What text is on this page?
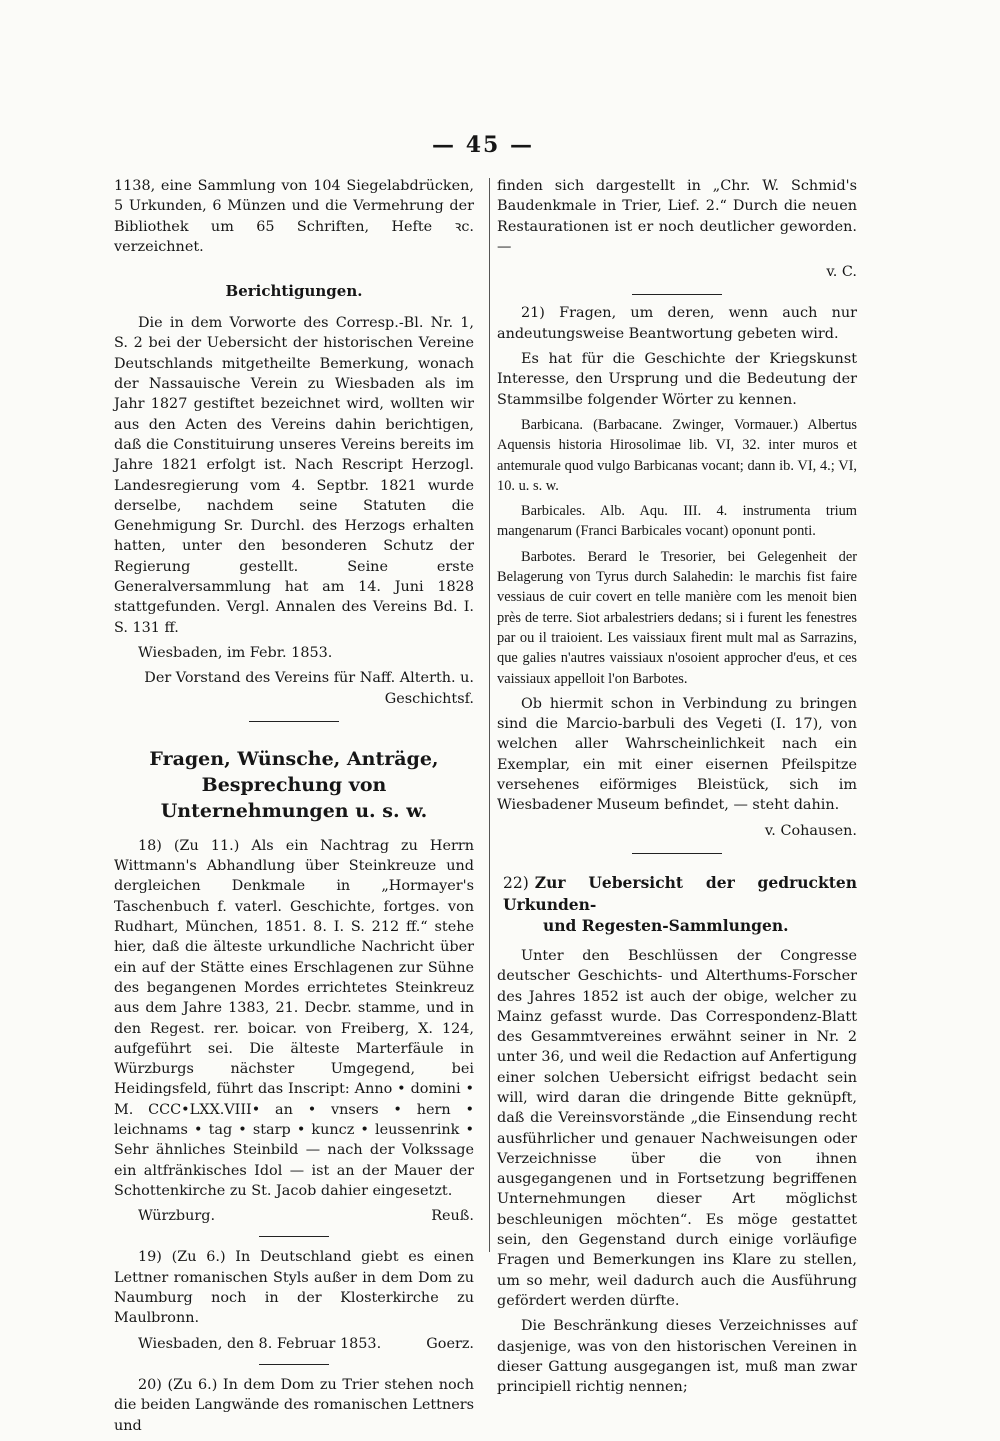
— 45 —

1138, eine Sammlung von 104 Siegelabdrücken, 5 Urkunden, 6 Münzen und die Vermehrung der Bibliothek um 65 Schriften, Hefte ꝛc. verzeichnet.

Berichtigungen.

Die in dem Vorworte des Corresp.-Bl. Nr. 1, S. 2 bei der Uebersicht der historischen Vereine Deutschlands mitgetheilte Bemerkung, wonach der Nassauische Verein zu Wiesbaden als im Jahr 1827 gestiftet bezeichnet wird, wollten wir aus den Acten des Vereins dahin berichtigen, daß die Constituirung unseres Vereins bereits im Jahre 1821 erfolgt ist. Nach Rescript Herzogl. Landesregierung vom 4. Septbr. 1821 wurde derselbe, nachdem seine Statuten die Genehmigung Sr. Durchl. des Herzogs erhalten hatten, unter den besonderen Schutz der Regierung gestellt. Seine erste Generalversammlung hat am 14. Juni 1828 stattgefunden. Vergl. Annalen des Vereins Bd. I. S. 131 ff.

Wiesbaden, im Febr. 1853.

Der Vorstand des Vereins für Naff. Alterth. u. Geschichtsf.

Fragen, Wünsche, Anträge, Besprechung von Unternehmungen u. s. w.

18) (Zu 11.) Als ein Nachtrag zu Herrn Wittmann's Abhandlung über Steinkreuze und dergleichen Denkmale in „Hormayer's Taschenbuch f. vaterl. Geschichte, fortges. von Rudhart, München, 1851. 8. I. S. 212 ff.“ stehe hier, daß die älteste urkundliche Nachricht über ein auf der Stätte eines Erschlagenen zur Sühne des begangenen Mordes errichtetes Steinkreuz aus dem Jahre 1383, 21. Decbr. stamme, und in den Regest. rer. boicar. von Freiberg, X. 124, aufgeführt sei. Die älteste Marterfäule in Würzburgs nächster Umgegend, bei Heidingsfeld, führt das Inscript: Anno • domini • M. CCC•LXX.VIII• an • vnsers • hern • leichnams • tag • starp • kuncz • leussenrink • Sehr ähnliches Steinbild — nach der Volkssage ein altfränkisches Idol — ist an der Mauer der Schottenkirche zu St. Jacob dahier eingesetzt.

Würzburg.	Reuß.

19) (Zu 6.) In Deutschland giebt es einen Lettner romanischen Styls außer in dem Dom zu Naumburg noch in der Klosterkirche zu Maulbronn.

Wiesbaden, den 8. Februar 1853.	Goerz.

20) (Zu 6.) In dem Dom zu Trier stehen noch die beiden Langwände des romanischen Lettners und

finden sich dargestellt in „Chr. W. Schmid's Baudenkmale in Trier, Lief. 2.“ Durch die neuen Restaurationen ist er noch deutlicher geworden. —

v. C.

21) Fragen, um deren, wenn auch nur andeutungsweise Beantwortung gebeten wird.

Es hat für die Geschichte der Kriegskunst Interesse, den Ursprung und die Bedeutung der Stammsilbe folgender Wörter zu kennen.

Barbicana. (Barbacane. Zwinger, Vormauer.) Albertus Aquensis historia Hirosolimae lib. VI, 32. inter muros et antemurale quod vulgo Barbicanas vocant; dann ib. VI, 4.; VI, 10. u. s. w.

Barbicales. Alb. Aqu. III. 4. instrumenta trium mangenarum (Franci Barbicales vocant) oponunt ponti.

Barbotes. Berard le Tresorier, bei Gelegenheit der Belagerung von Tyrus durch Salahedin: le marchis fist faire vessiaus de cuir covert en telle manière com les menoit bien près de terre. Siot arbalestriers dedans; si i furent les fenestres par ou il traioient. Les vaissiaux firent mult mal as Sarrazins, que galies n'autres vaissiaux n'osoient approcher d'eus, et ces vaissiaux appelloit l'on Barbotes.

Ob hiermit schon in Verbindung zu bringen sind die Marcio-barbuli des Vegeti (I. 17), von welchen aller Wahrscheinlichkeit nach ein Exemplar, ein mit einer eisernen Pfeilspitze versehenes eiförmiges Bleistück, sich im Wiesbadener Museum befindet, — steht dahin.

v. Cohausen.

22) Zur Uebersicht der gedruckten Urkunden-
und Regesten-Sammlungen.

Unter den Beschlüssen der Congresse deutscher Geschichts- und Alterthums-Forscher des Jahres 1852 ist auch der obige, welcher zu Mainz gefasst wurde. Das Correspondenz-Blatt des Gesammtvereines erwähnt seiner in Nr. 2 unter 36, und weil die Redaction auf Anfertigung einer solchen Uebersicht eifrigst bedacht sein will, wird daran die dringende Bitte geknüpft, daß die Vereinsvorstände „die Einsendung recht ausführlicher und genauer Nachweisungen oder Verzeichnisse über die von ihnen ausgegangenen und in Fortsetzung begriffenen Unternehmungen dieser Art möglichst beschleunigen möchten“. Es möge gestattet sein, den Gegenstand durch einige vorläufige Fragen und Bemerkungen ins Klare zu stellen, um so mehr, weil dadurch auch die Ausführung gefördert werden dürfte.

Die Beschränkung dieses Verzeichnisses auf dasjenige, was von den historischen Vereinen in dieser Gattung ausgegangen ist, muß man zwar principiell richtig nennen;
